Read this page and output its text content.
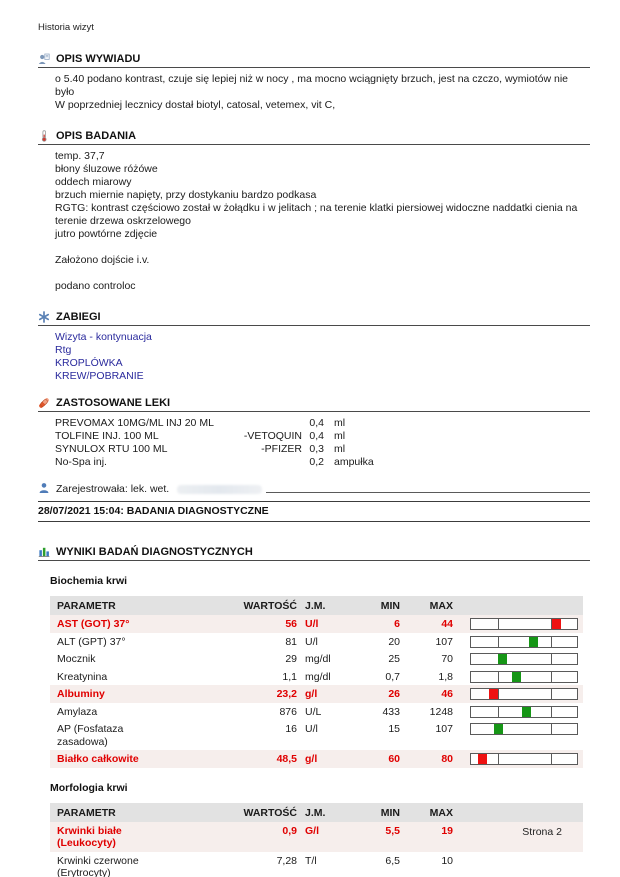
Historia wizyt
OPIS WYWIADU
o 5.40 podano kontrast, czuje się lepiej niż w nocy , ma mocno wciągnięty brzuch, jest na czczo, wymiotów nie było
W poprzedniej lecznicy dostał biotyl, catosal, vetemex, vit C,
OPIS BADANIA
temp. 37,7
błony śluzowe różówe
oddech miarowy
brzuch miernie napięty, przy dostykaniu bardzo podkasa
RGTG: kontrast częściowo został w żołądku i w jelitach ; na terenie klatki piersiowej widoczne naddatki cienia na terenie drzewa oskrzelowego
jutro powtórne zdjęcie

Założono dojście i.v.

podano controloc
ZABIEGI
Wizyta - kontynuacja
Rtg
KROPLÓWKA
KREW/POBRANIE
ZASTOSOWANE LEKI
PREVOMAX 10MG/ML INJ 20 ML	0,4 ml
TOLFINE INJ. 100 ML	-VETOQUIN 0,4 ml
SYNULOX RTU 100 ML	-PFIZER 0,3 ml
No-Spa inj.	0,2 ampułka
Zarejestrowała: lek. wet.
28/07/2021 15:04: BADANIA DIAGNOSTYCZNE
WYNIKI BADAŃ DIAGNOSTYCZNYCH
Biochemia krwi
PARAMETR	WARTOŚĆ J.M.	MIN	MAX
AST (GOT) 37°	56 U/l	6	44
ALT (GPT) 37°	81 U/l	20	107
Mocznik	29 mg/dl	25	70
Kreatynina	1,1 mg/dl	0,7	1,8
Albuminy	23,2 g/l	26	46
Amylaza	876 U/L	433	1248
AP (Fosfataza zasadowa)
16 U/l	15	107
Białko całkowite	48,5 g/l	60	80
Morfologia krwi
PARAMETR	WARTOŚĆ J.M.	MIN	MAX
Krwinki białe (Leukocyty)
0,9 G/l	5,5	19
Krwinki czerwone (Erytrocyty)
7,28 T/l	6,5	10
Strona 2
